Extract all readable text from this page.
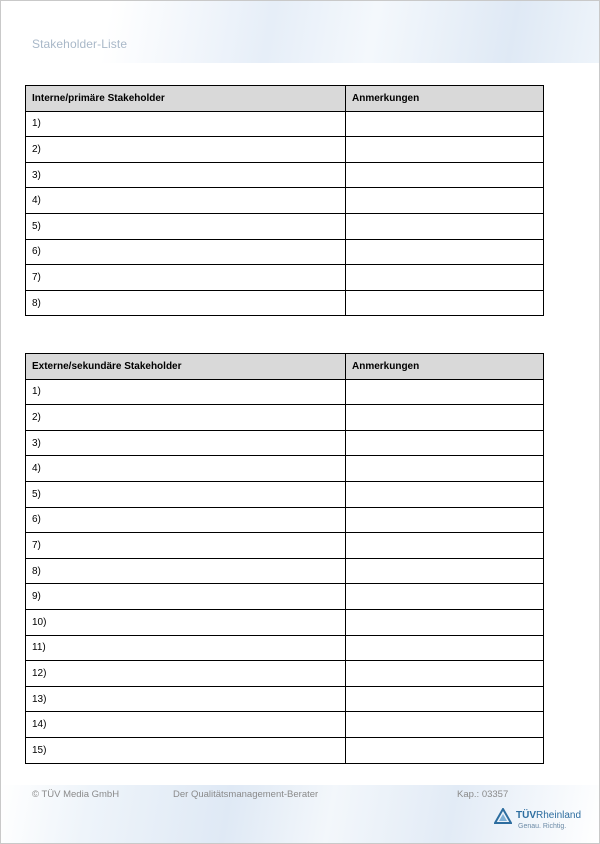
Stakeholder-Liste
Interne/primäre Stakeholder	Anmerkungen
1)	
2)	
3)	
4)	
5)	
6)	
7)	
8)	
Externe/sekundäre Stakeholder	Anmerkungen
1)	
2)	
3)	
4)	
5)	
6)	
7)	
8)	
9)	
10)	
11)	
12)	
13)	
14)	
15)	
© TÜV Media GmbH	Der Qualitätsmanagement-Berater	Kap.: 03357
TÜVRheinland
Genau. Richtig.
